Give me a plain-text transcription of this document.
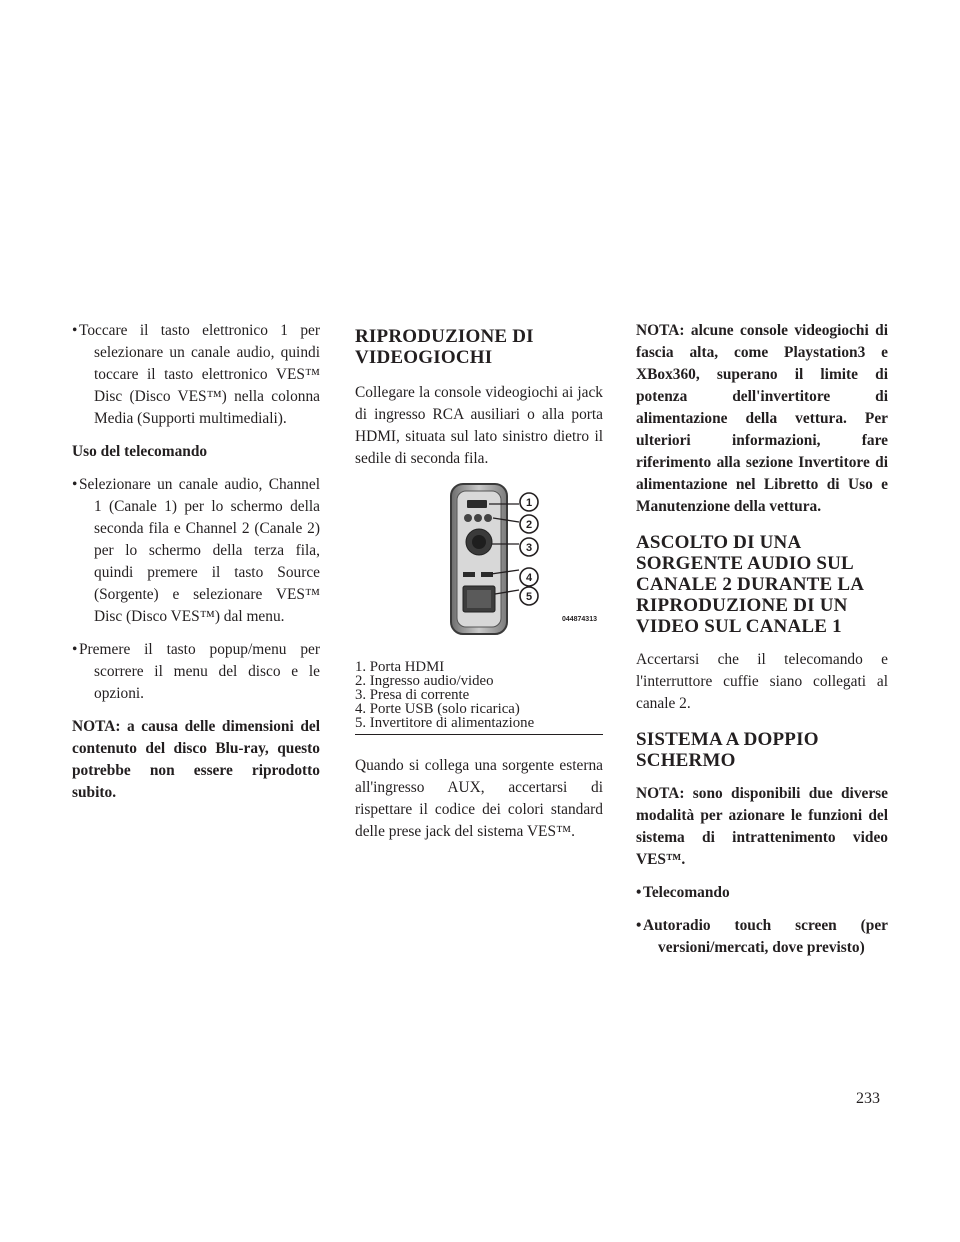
• Toccare il tasto elettronico 1 per selezionare un canale audio, quindi toccare il tasto elettronico VES™ Disc (Disco VES™) nella colonna Media (Supporti multimediali).

Uso del telecomando

• Selezionare un canale audio, Channel 1 (Canale 1) per lo schermo della seconda fila e Channel 2 (Canale 2) per lo schermo della terza fila, quindi premere il tasto Source (Sorgente) e selezionare VES™ Disc (Disco VES™) dal menu.
• Premere il tasto popup/menu per scorrere il menu del disco e le opzioni.

NOTA: a causa delle dimensioni del contenuto del disco Blu-ray, questo potrebbe non essere riprodotto subito.

RIPRODUZIONE DI VIDEOGIOCHI

Collegare la console videogiochi ai jack di ingresso RCA ausiliari o alla porta HDMI, situata sul lato sinistro dietro il sedile di seconda fila.

1
2
3
4
5
044874313

1. Porta HDMI

2. Ingresso audio/video

3. Presa di corrente

4. Porte USB (solo ricarica)

5. Invertitore di alimentazione

Quando si collega una sorgente esterna all'ingresso AUX, accertarsi di rispettare il codice dei colori standard delle prese jack del sistema VES™.

NOTA: alcune console videogiochi di fascia alta, come Playstation3 e XBox360, superano il limite di potenza dell'invertitore di alimentazione della vettura. Per ulteriori informazioni, fare riferimento alla sezione Invertitore di alimentazione nel Libretto di Uso e Manutenzione della vettura.

ASCOLTO DI UNA SORGENTE AUDIO SUL CANALE 2 DURANTE LA RIPRODUZIONE DI UN VIDEO SUL CANALE 1

Accertarsi che il telecomando e l'interruttore cuffie siano collegati al canale 2.

SISTEMA A DOPPIO SCHERMO

NOTA: sono disponibili due diverse modalità per azionare le funzioni del sistema di intrattenimento video VES™.

• Telecomando
• Autoradio touch screen (per versioni/mercati, dove previsto)
233
